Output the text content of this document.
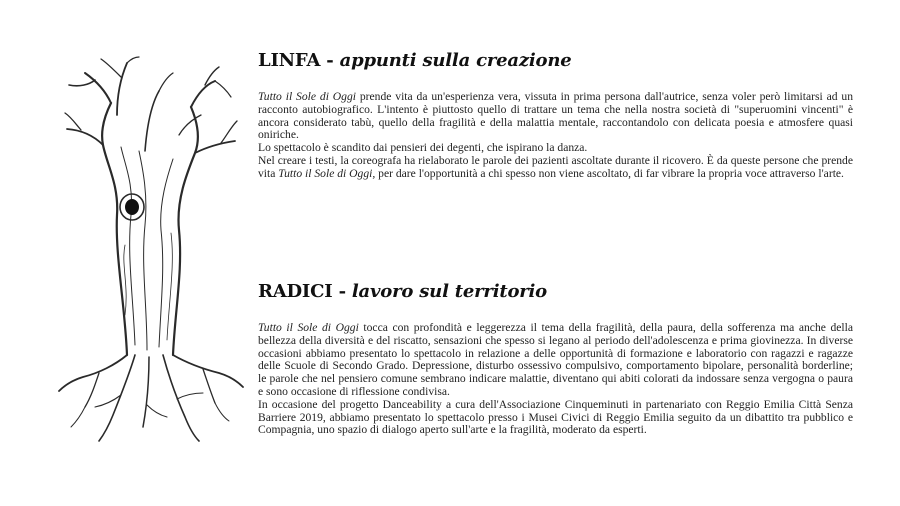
LINFA - appunti sulla creazione

Tutto il Sole di Oggi prende vita da un'esperienza vera, vissuta in prima persona dall'autrice, senza voler però limitarsi ad un racconto autobiografico. L'intento è piuttosto quello di trattare un tema che nella nostra società di "superuomini vincenti" è ancora considerato tabù, quello della fragilità e della malattia mentale, raccontandolo con delicata poesia e atmosfere quasi oniriche.

Lo spettacolo è scandito dai pensieri dei degenti, che ispirano la danza.

Nel creare i testi, la coreografa ha rielaborato le parole dei pazienti ascoltate durante il ricovero. È da queste persone che prende vita Tutto il Sole di Oggi, per dare l'opportunità a chi spesso non viene ascoltato, di far vibrare la propria voce attraverso l'arte.

RADICI - lavoro sul territorio

Tutto il Sole di Oggi tocca con profondità e leggerezza il tema della fragilità, della paura, della sofferenza ma anche della bellezza della diversità e del riscatto, sensazioni che spesso si legano al periodo dell'adolescenza e prima giovinezza. In diverse occasioni abbiamo presentato lo spettacolo in relazione a delle opportunità di formazione e laboratorio con ragazzi e ragazze delle Scuole di Secondo Grado. Depressione, disturbo ossessivo compulsivo, comportamento bipolare, personalità borderline; le parole che nel pensiero comune sembrano indicare malattie, diventano qui abiti colorati da indossare senza vergogna o paura e sono occasione di riflessione condivisa.

In occasione del progetto Danceability a cura dell'Associazione Cinqueminuti in partenariato con Reggio Emilia Città Senza Barriere 2019, abbiamo presentato lo spettacolo presso i Musei Civici di Reggio Emilia seguito da un dibattito tra pubblico e Compagnia, uno spazio di dialogo aperto sull'arte e la fragilità, moderato da esperti.
